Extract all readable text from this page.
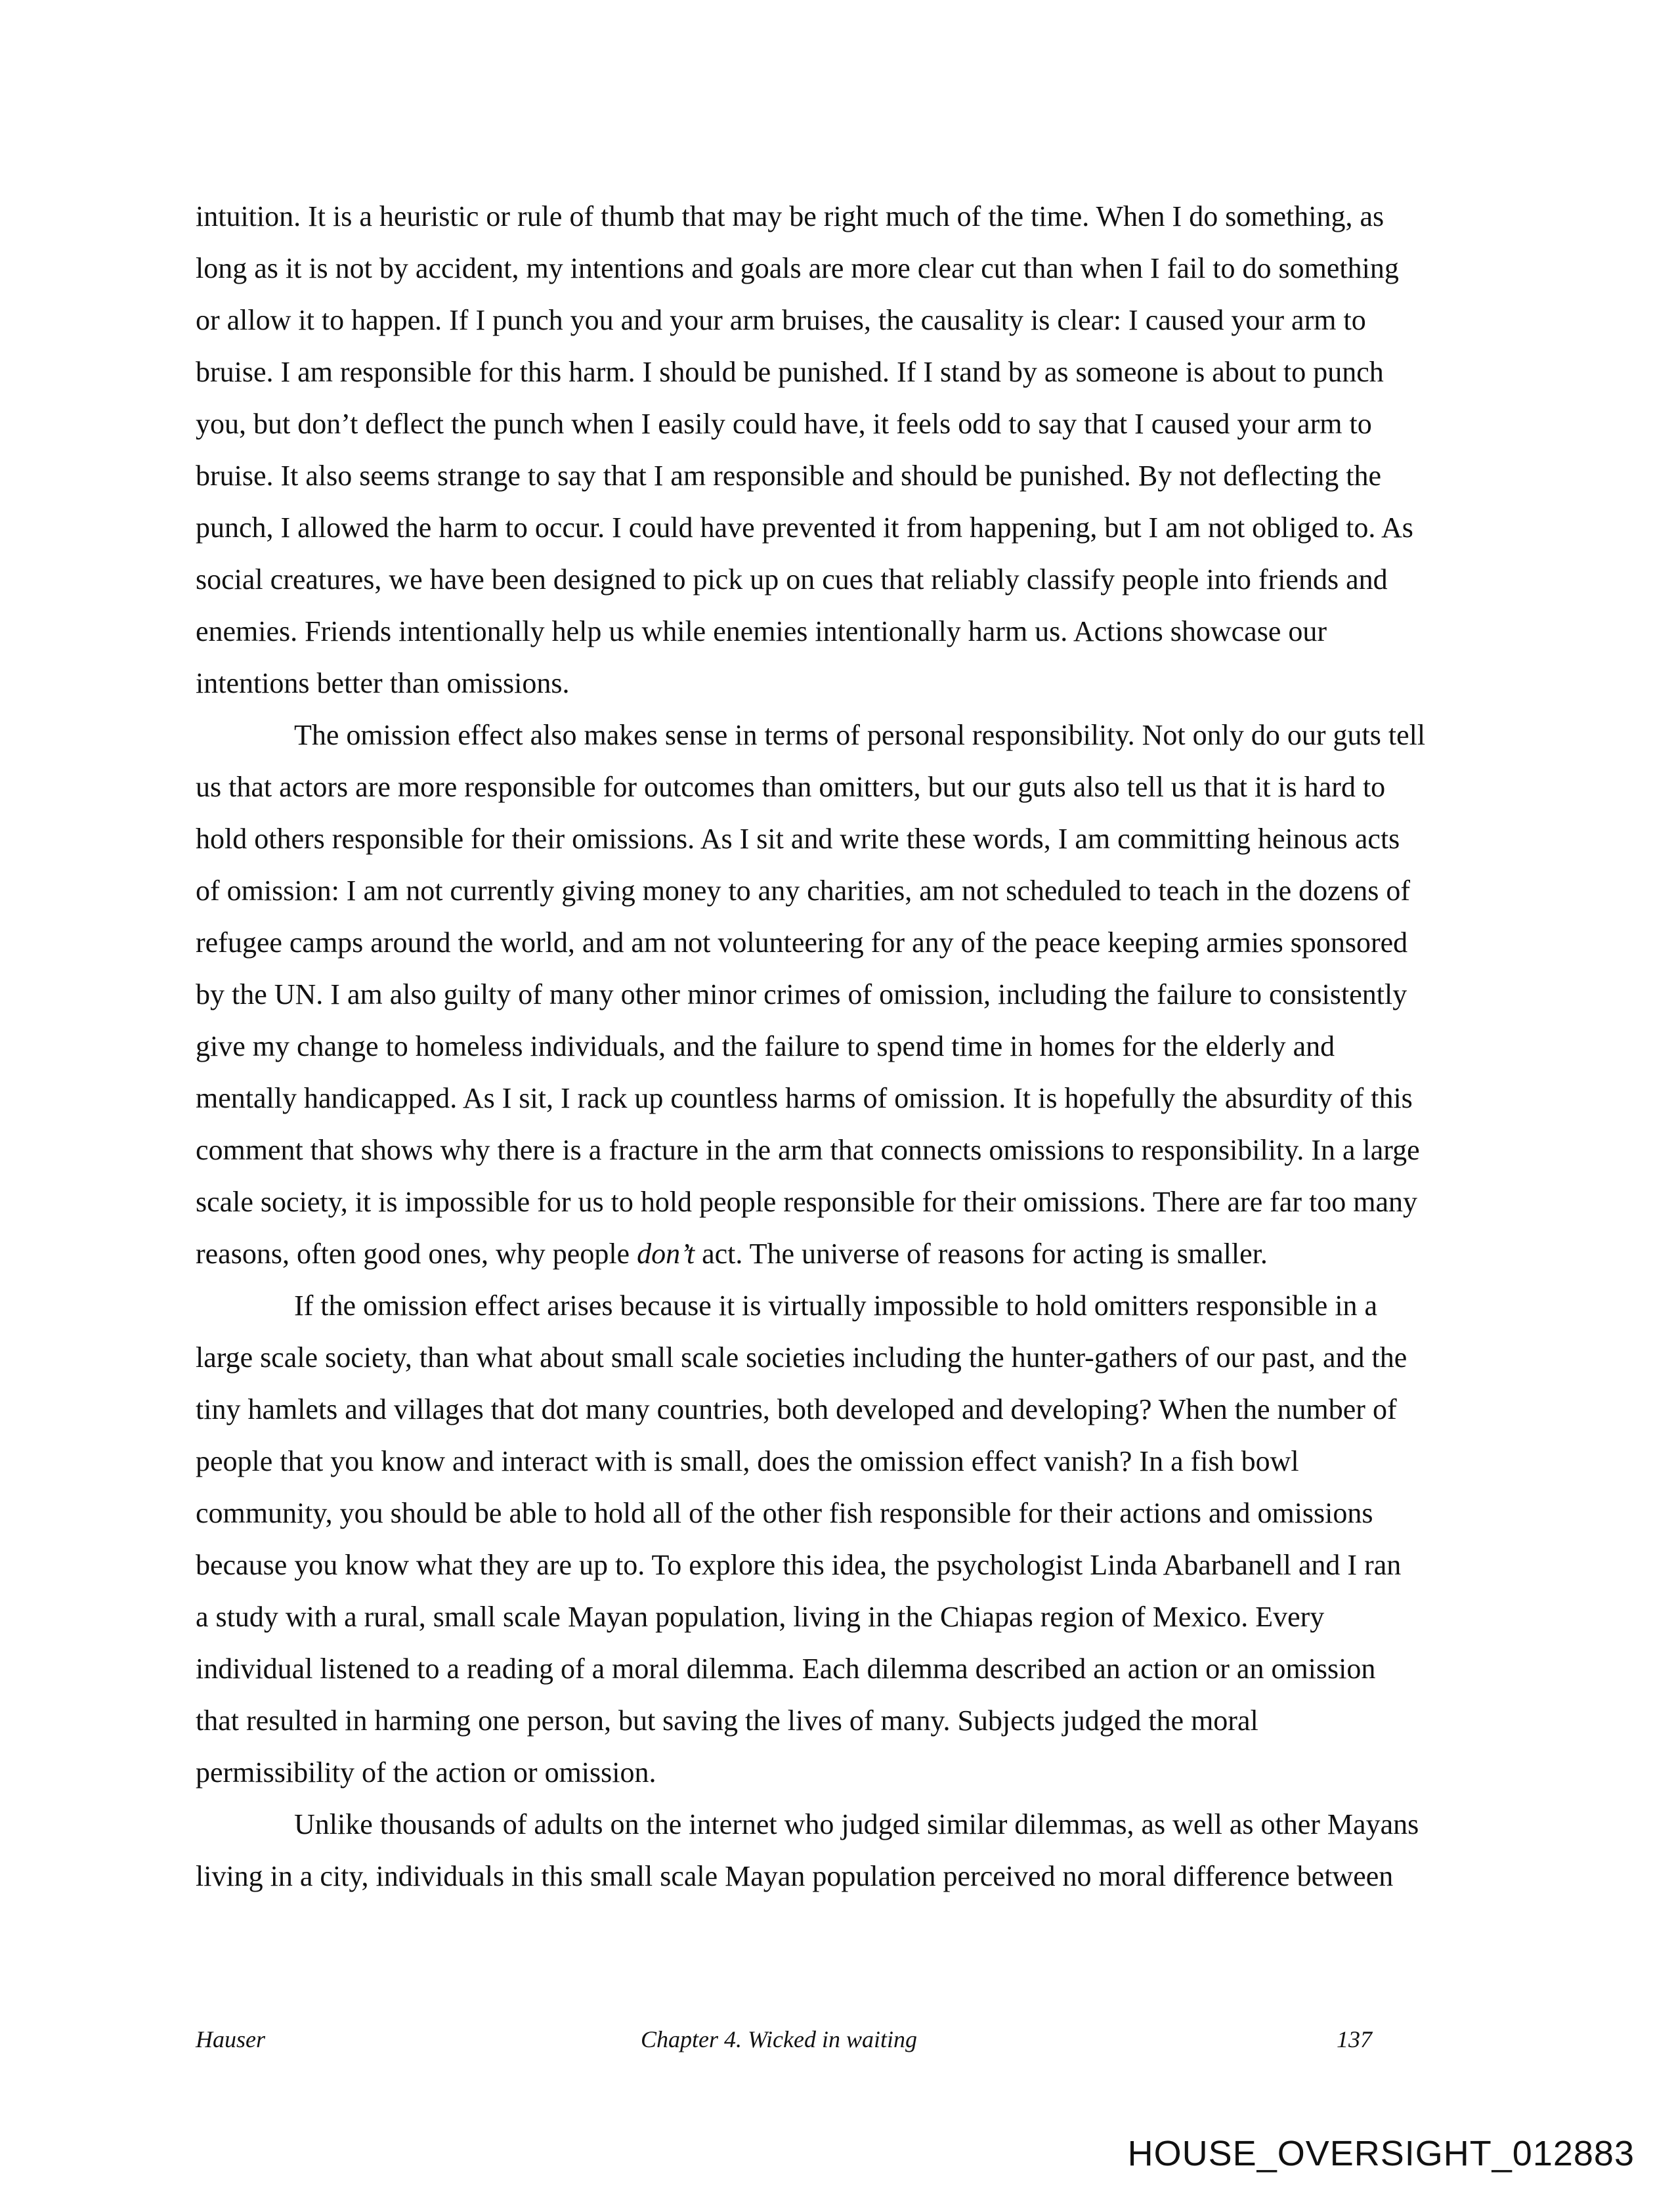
intuition. It is a heuristic or rule of thumb that may be right much of the time. When I do something, as
long as it is not by accident, my intentions and goals are more clear cut than when I fail to do something
or allow it to happen. If I punch you and your arm bruises, the causality is clear: I caused your arm to
bruise. I am responsible for this harm. I should be punished. If I stand by as someone is about to punch
you, but don’t deflect the punch when I easily could have, it feels odd to say that I caused your arm to
bruise. It also seems strange to say that I am responsible and should be punished. By not deflecting the
punch, I allowed the harm to occur. I could have prevented it from happening, but I am not obliged to. As
social creatures, we have been designed to pick up on cues that reliably classify people into friends and
enemies. Friends intentionally help us while enemies intentionally harm us. Actions showcase our
intentions better than omissions.
The omission effect also makes sense in terms of personal responsibility. Not only do our guts tell
us that actors are more responsible for outcomes than omitters, but our guts also tell us that it is hard to
hold others responsible for their omissions. As I sit and write these words, I am committing heinous acts
of omission: I am not currently giving money to any charities, am not scheduled to teach in the dozens of
refugee camps around the world, and am not volunteering for any of the peace keeping armies sponsored
by the UN. I am also guilty of many other minor crimes of omission, including the failure to consistently
give my change to homeless individuals, and the failure to spend time in homes for the elderly and
mentally handicapped. As I sit, I rack up countless harms of omission. It is hopefully the absurdity of this
comment that shows why there is a fracture in the arm that connects omissions to responsibility. In a large
scale society, it is impossible for us to hold people responsible for their omissions. There are far too many
reasons, often good ones, why people don’t act. The universe of reasons for acting is smaller.
If the omission effect arises because it is virtually impossible to hold omitters responsible in a
large scale society, than what about small scale societies including the hunter-gathers of our past, and the
tiny hamlets and villages that dot many countries, both developed and developing? When the number of
people that you know and interact with is small, does the omission effect vanish? In a fish bowl
community, you should be able to hold all of the other fish responsible for their actions and omissions
because you know what they are up to. To explore this idea, the psychologist Linda Abarbanell and I ran
a study with a rural, small scale Mayan population, living in the Chiapas region of Mexico. Every
individual listened to a reading of a moral dilemma. Each dilemma described an action or an omission
that resulted in harming one person, but saving the lives of many. Subjects judged the moral
permissibility of the action or omission.
Unlike thousands of adults on the internet who judged similar dilemmas, as well as other Mayans
living in a city, individuals in this small scale Mayan population perceived no moral difference between
Hauser	Chapter 4. Wicked in waiting	137
HOUSE_OVERSIGHT_012883
